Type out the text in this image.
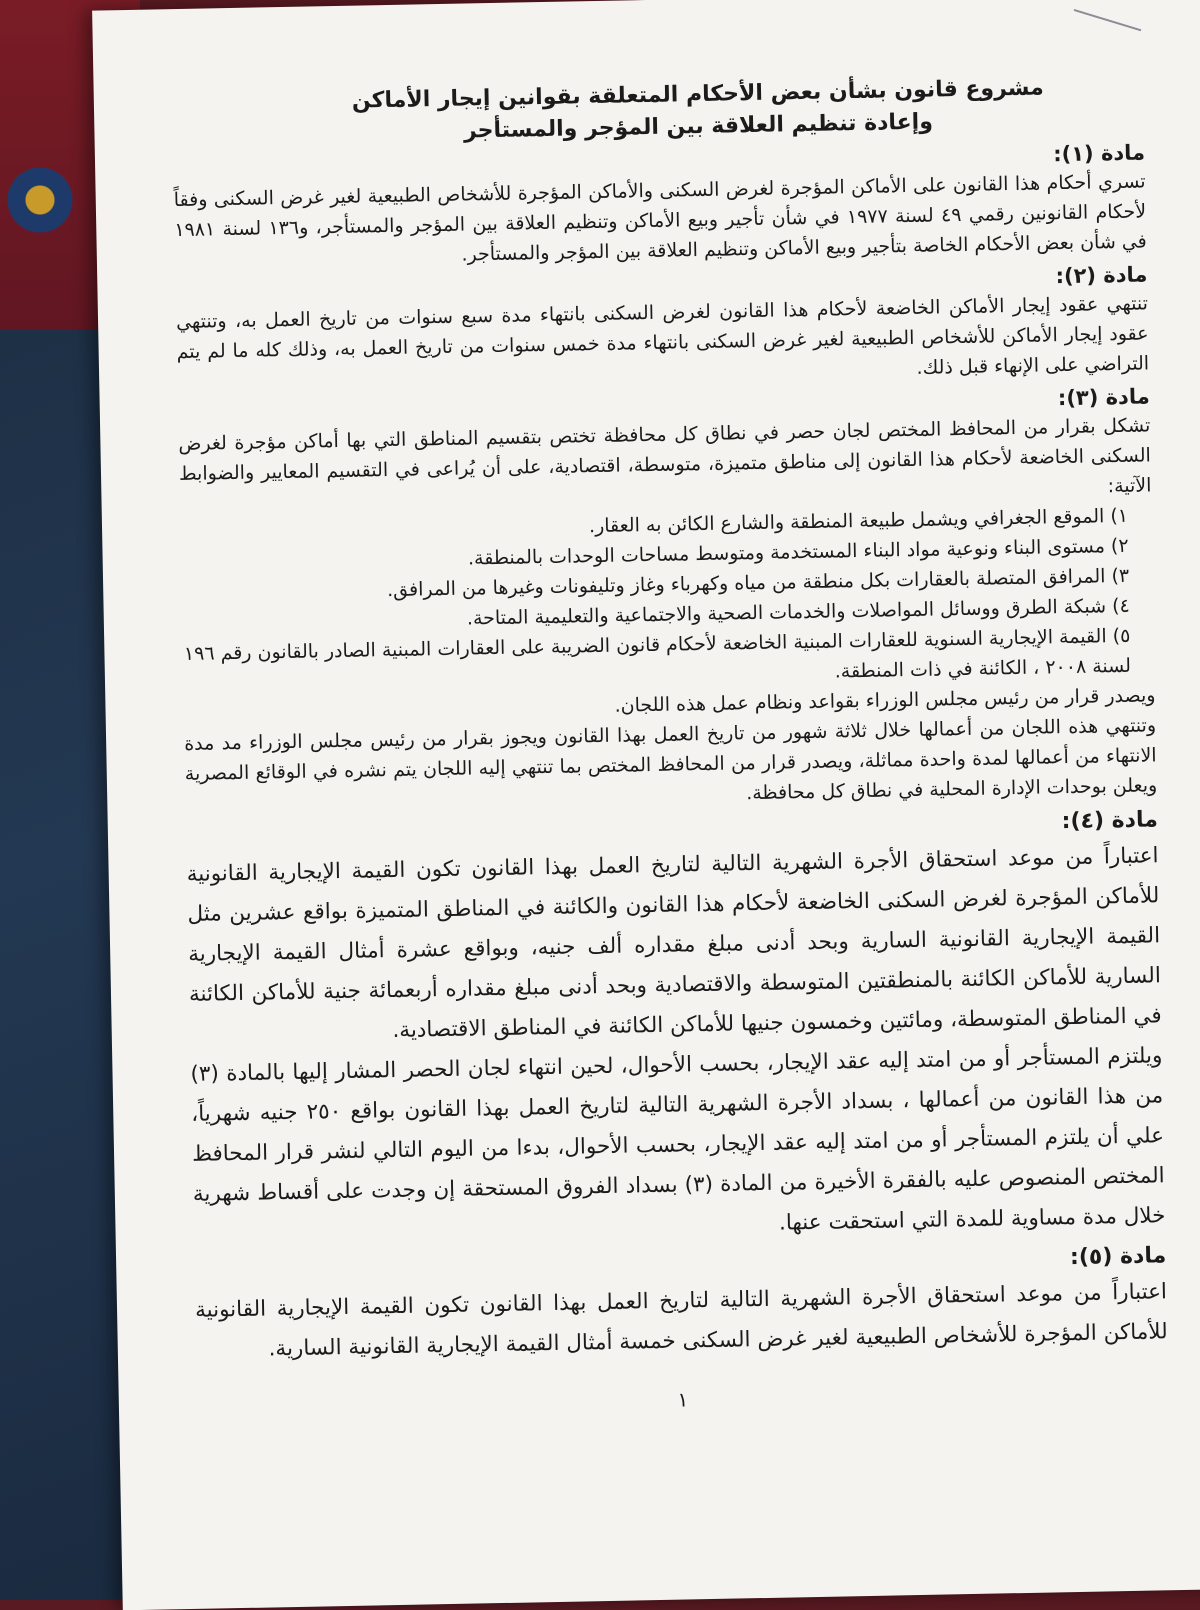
مشروع قانون بشأن بعض الأحكام المتعلقة بقوانين إيجار الأماكن
وإعادة تنظيم العلاقة بين المؤجر والمستأجر
مادة (١):

تسري أحكام هذا القانون على الأماكن المؤجرة لغرض السكنى والأماكن المؤجرة للأشخاص الطبيعية لغير غرض السكنى وفقاً لأحكام القانونين رقمي ٤٩ لسنة ١٩٧٧ في شأن تأجير وبيع الأماكن وتنظيم العلاقة بين المؤجر والمستأجر، و١٣٦ لسنة ١٩٨١ في شأن بعض الأحكام الخاصة بتأجير وبيع الأماكن وتنظيم العلاقة بين المؤجر والمستأجر.

مادة (٢):

تنتهي عقود إيجار الأماكن الخاضعة لأحكام هذا القانون لغرض السكنى بانتهاء مدة سبع سنوات من تاريخ العمل به، وتنتهي عقود إيجار الأماكن للأشخاص الطبيعية لغير غرض السكنى بانتهاء مدة خمس سنوات من تاريخ العمل به، وذلك كله ما لم يتم التراضي على الإنهاء قبل ذلك.

مادة (٣):

تشكل بقرار من المحافظ المختص لجان حصر في نطاق كل محافظة تختص بتقسيم المناطق التي بها أماكن مؤجرة لغرض السكنى الخاضعة لأحكام هذا القانون إلى مناطق متميزة، متوسطة، اقتصادية، على أن يُراعى في التقسيم المعايير والضوابط الآتية:

١) الموقع الجغرافي ويشمل طبيعة المنطقة والشارع الكائن به العقار.
٢) مستوى البناء ونوعية مواد البناء المستخدمة ومتوسط مساحات الوحدات بالمنطقة.
٣) المرافق المتصلة بالعقارات بكل منطقة من مياه وكهرباء وغاز وتليفونات وغيرها من المرافق.
٤) شبكة الطرق ووسائل المواصلات والخدمات الصحية والاجتماعية والتعليمية المتاحة.
٥) القيمة الإيجارية السنوية للعقارات المبنية الخاضعة لأحكام قانون الضريبة على العقارات المبنية الصادر بالقانون رقم ١٩٦ لسنة ٢٠٠٨ ، الكائنة في ذات المنطقة.

ويصدر قرار من رئيس مجلس الوزراء بقواعد ونظام عمل هذه اللجان.

وتنتهي هذه اللجان من أعمالها خلال ثلاثة شهور من تاريخ العمل بهذا القانون ويجوز بقرار من رئيس مجلس الوزراء مد مدة الانتهاء من أعمالها لمدة واحدة مماثلة، ويصدر قرار من المحافظ المختص بما تنتهي إليه اللجان يتم نشره في الوقائع المصرية ويعلن بوحدات الإدارة المحلية في نطاق كل محافظة.

مادة (٤):

اعتباراً من موعد استحقاق الأجرة الشهرية التالية لتاريخ العمل بهذا القانون تكون القيمة الإيجارية القانونية للأماكن المؤجرة لغرض السكنى الخاضعة لأحكام هذا القانون والكائنة في المناطق المتميزة بواقع عشرين مثل القيمة الإيجارية القانونية السارية وبحد أدنى مبلغ مقداره ألف جنيه، وبواقع عشرة أمثال القيمة الإيجارية السارية للأماكن الكائنة بالمنطقتين المتوسطة والاقتصادية وبحد أدنى مبلغ مقداره أربعمائة جنية للأماكن الكائنة في المناطق المتوسطة، ومائتين وخمسون جنيها للأماكن الكائنة في المناطق الاقتصادية.

ويلتزم المستأجر أو من امتد إليه عقد الإيجار، بحسب الأحوال، لحين انتهاء لجان الحصر المشار إليها بالمادة (٣) من هذا القانون من أعمالها ، بسداد الأجرة الشهرية التالية لتاريخ العمل بهذا القانون بواقع ٢٥٠ جنيه شهرياً، علي أن يلتزم المستأجر أو من امتد إليه عقد الإيجار، بحسب الأحوال، بدءا من اليوم التالي لنشر قرار المحافظ المختص المنصوص عليه بالفقرة الأخيرة من المادة (٣) بسداد الفروق المستحقة إن وجدت على أقساط شهرية خلال مدة مساوية للمدة التي استحقت عنها.

مادة (٥):

اعتباراً من موعد استحقاق الأجرة الشهرية التالية لتاريخ العمل بهذا القانون تكون القيمة الإيجارية القانونية للأماكن المؤجرة للأشخاص الطبيعية لغير غرض السكنى خمسة أمثال القيمة الإيجارية القانونية السارية.

١
